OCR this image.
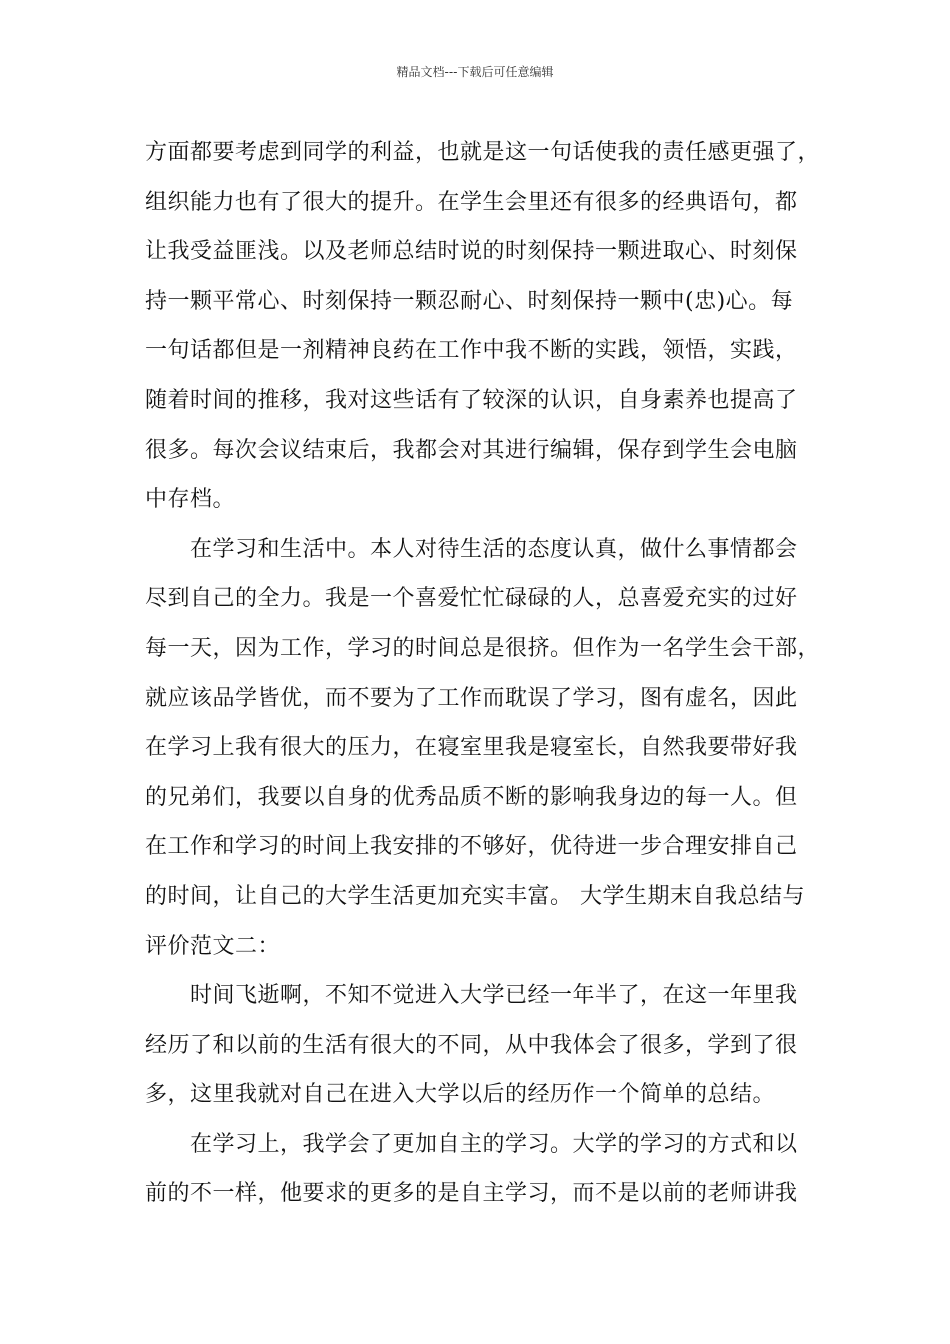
精品文档---下载后可任意编辑
方面都要考虑到同学的利益，也就是这一句话使我的责任感更强了，
组织能力也有了很大的提升。在学生会里还有很多的经典语句，都
让我受益匪浅。以及老师总结时说的时刻保持一颗进取心、时刻保
持一颗平常心、时刻保持一颗忍耐心、时刻保持一颗中(忠)心。每
一句话都但是一剂精神良药在工作中我不断的实践，领悟，实践，
随着时间的推移，我对这些话有了较深的认识，自身素养也提高了
很多。每次会议结束后，我都会对其进行编辑，保存到学生会电脑
中存档。
在学习和生活中。本人对待生活的态度认真，做什么事情都会
尽到自己的全力。我是一个喜爱忙忙碌碌的人，总喜爱充实的过好
每一天，因为工作，学习的时间总是很挤。但作为一名学生会干部，
就应该品学皆优，而不要为了工作而耽误了学习，图有虚名，因此
在学习上我有很大的压力，在寝室里我是寝室长，自然我要带好我
的兄弟们，我要以自身的优秀品质不断的影响我身边的每一人。但
在工作和学习的时间上我安排的不够好，优待进一步合理安排自己
的时间，让自己的大学生活更加充实丰富。 大学生期末自我总结与
评价范文二：
时间飞逝啊，不知不觉进入大学已经一年半了，在这一年里我
经历了和以前的生活有很大的不同，从中我体会了很多，学到了很
多，这里我就对自己在进入大学以后的经历作一个简单的总结。
在学习上，我学会了更加自主的学习。大学的学习的方式和以
前的不一样，他要求的更多的是自主学习，而不是以前的老师讲我
